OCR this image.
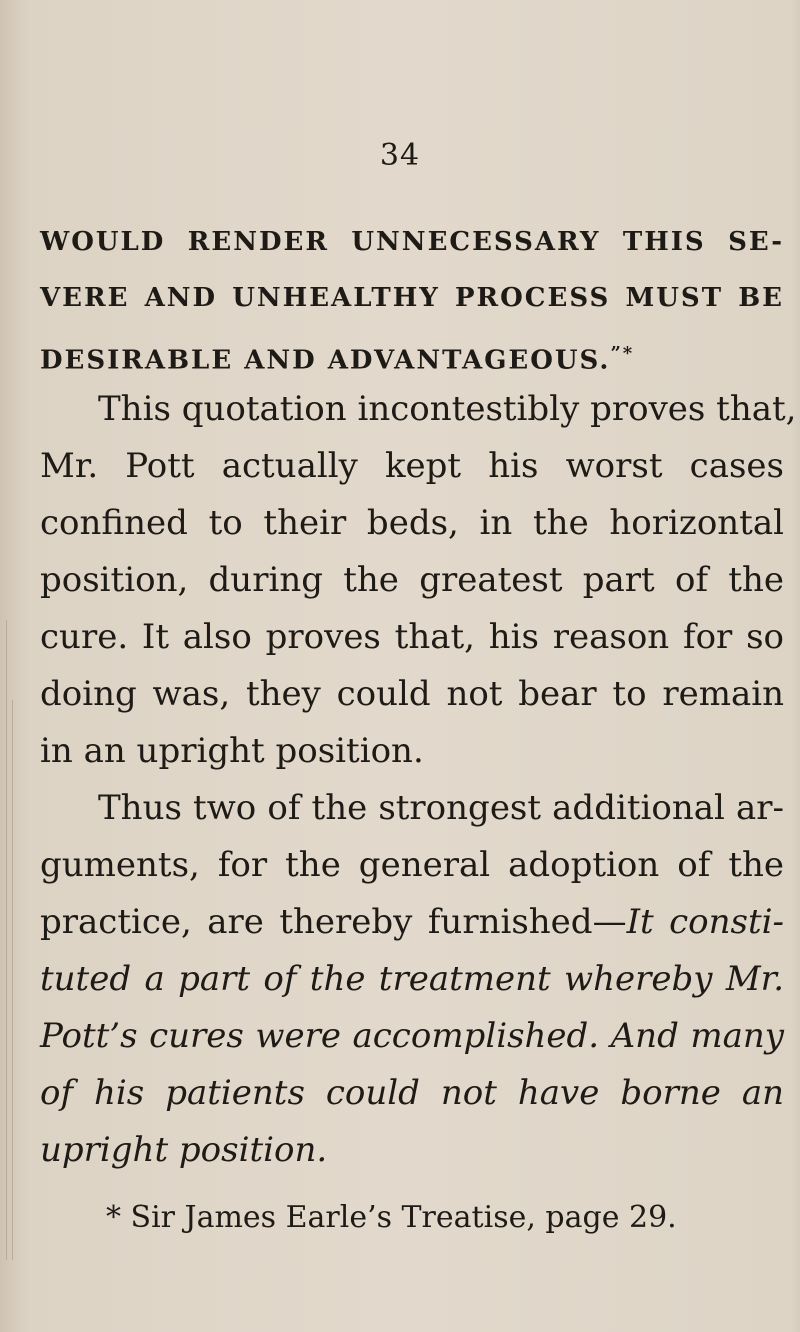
34
WOULD RENDER UNNECESSARY THIS SE-
VERE AND UNHEALTHY PROCESS MUST BE
DESIRABLE AND ADVANTAGEOUS.”*
This quotation incontestibly proves that,
Mr. Pott actually kept his worst cases
confined to their beds, in the horizontal
position, during the greatest part of the
cure. It also proves that, his reason for so
doing was, they could not bear to remain
in an upright position.
Thus two of the strongest additional ar-
guments, for the general adoption of the
practice, are thereby furnished—It consti-
tuted a part of the treatment whereby Mr.
Pott’s cures were accomplished. And many
of his patients could not have borne an
upright position.
* Sir James Earle’s Treatise, page 29.
